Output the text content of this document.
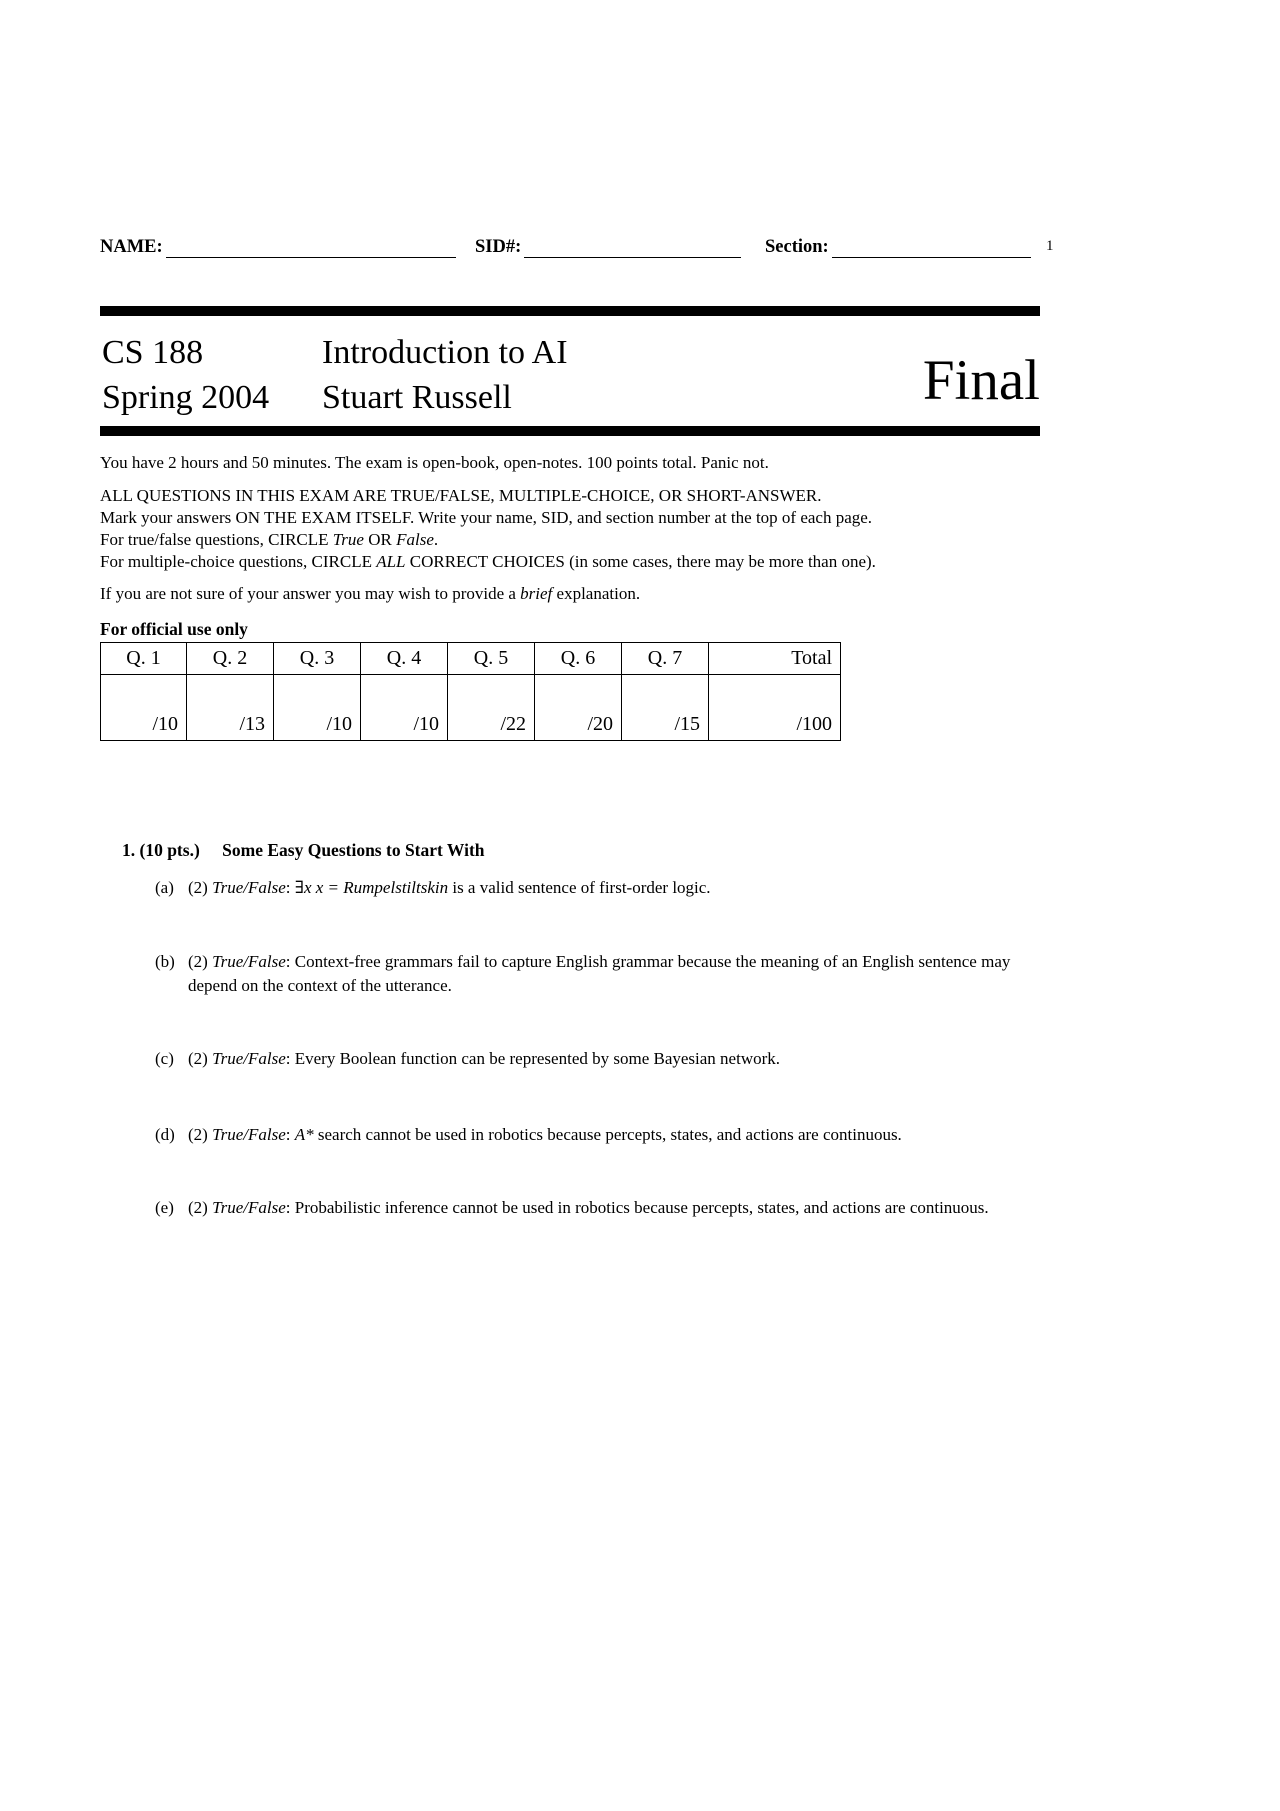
NAME:	SID#:	Section:	1
CS 188	Introduction to AI
Spring 2004 Stuart Russell	Final
You have 2 hours and 50 minutes. The exam is open-book, open-notes. 100 points total. Panic not.
ALL QUESTIONS IN THIS EXAM ARE TRUE/FALSE, MULTIPLE-CHOICE, OR SHORT-ANSWER.
Mark your answers ON THE EXAM ITSELF. Write your name, SID, and section number at the top of each page.
For true/false questions, CIRCLE True OR False.
For multiple-choice questions, CIRCLE ALL CORRECT CHOICES (in some cases, there may be more than one).
If you are not sure of your answer you may wish to provide a brief explanation.
For official use only
Q. 1	Q. 2	Q. 3	Q. 4	Q. 5	Q. 6	Q. 7	Total
/10	/13	/10	/10	/22	/20	/15	/100
1. (10 pts.) Some Easy Questions to Start With
(a) (2) True/False: ∃x x = Rumpelstiltskin is a valid sentence of first-order logic.
(b) (2) True/False: Context-free grammars fail to capture English grammar because the meaning of an English sentence may depend on the context of the utterance.
(c) (2) True/False: Every Boolean function can be represented by some Bayesian network.
(d) (2) True/False: A* search cannot be used in robotics because percepts, states, and actions are continuous.
(e) (2) True/False: Probabilistic inference cannot be used in robotics because percepts, states, and actions are continuous.
